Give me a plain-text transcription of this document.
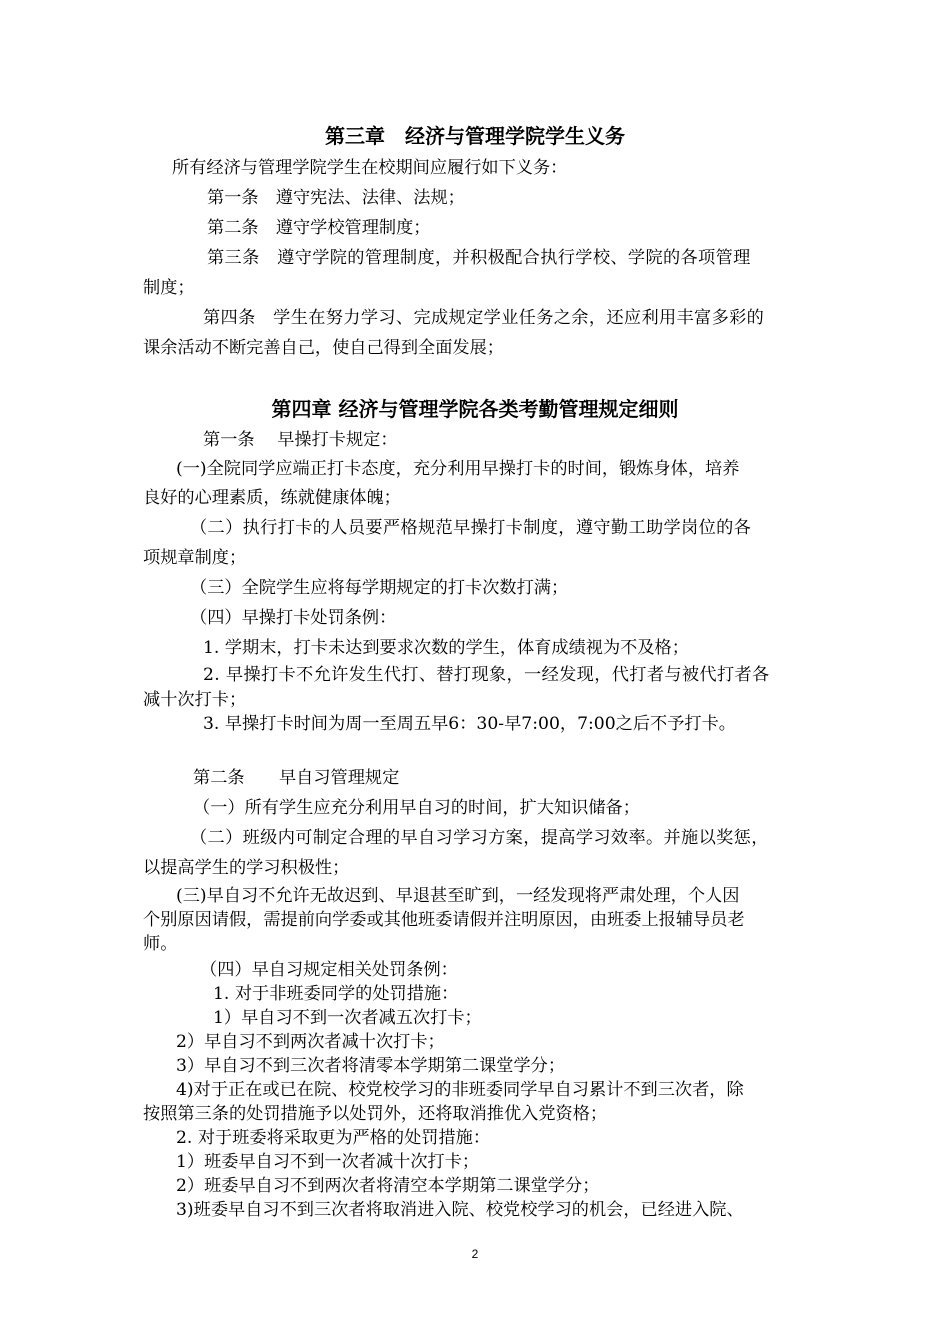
第三章　经济与管理学院学生义务
所有经济与管理学院学生在校期间应履行如下义务：
第一条　遵守宪法、法律、法规；
第二条　遵守学校管理制度；
第三条　遵守学院的管理制度，并积极配合执行学校、学院的各项管理
制度；
第四条　学生在努力学习、完成规定学业任务之余，还应利用丰富多彩的
课余活动不断完善自己，使自己得到全面发展；
第四章 经济与管理学院各类考勤管理规定细则
第一条　 早操打卡规定：
(一)全院同学应端正打卡态度，充分利用早操打卡的时间，锻炼身体，培养
良好的心理素质，练就健康体魄；
（二）执行打卡的人员要严格规范早操打卡制度，遵守勤工助学岗位的各
项规章制度；
（三）全院学生应将每学期规定的打卡次数打满；
（四）早操打卡处罚条例：
1. 学期末，打卡未达到要求次数的学生，体育成绩视为不及格；
2. 早操打卡不允许发生代打、替打现象，一经发现，代打者与被代打者各
减十次打卡；
3. 早操打卡时间为周一至周五早6：30-早7:00，7:00之后不予打卡。
第二条　　早自习管理规定
（一）所有学生应充分利用早自习的时间，扩大知识储备；
（二）班级内可制定合理的早自习学习方案，提高学习效率。并施以奖惩，
以提高学生的学习积极性；
(三)早自习不允许无故迟到、早退甚至旷到，一经发现将严肃处理，个人因
个别原因请假，需提前向学委或其他班委请假并注明原因，由班委上报辅导员老
师。
（四）早自习规定相关处罚条例：
1. 对于非班委同学的处罚措施：
1）早自习不到一次者减五次打卡；
2）早自习不到两次者减十次打卡；
3）早自习不到三次者将清零本学期第二课堂学分；
4)对于正在或已在院、校党校学习的非班委同学早自习累计不到三次者，除
按照第三条的处罚措施予以处罚外，还将取消推优入党资格；
2. 对于班委将采取更为严格的处罚措施：
1）班委早自习不到一次者减十次打卡；
2）班委早自习不到两次者将清空本学期第二课堂学分；
3)班委早自习不到三次者将取消进入院、校党校学习的机会，已经进入院、
2
